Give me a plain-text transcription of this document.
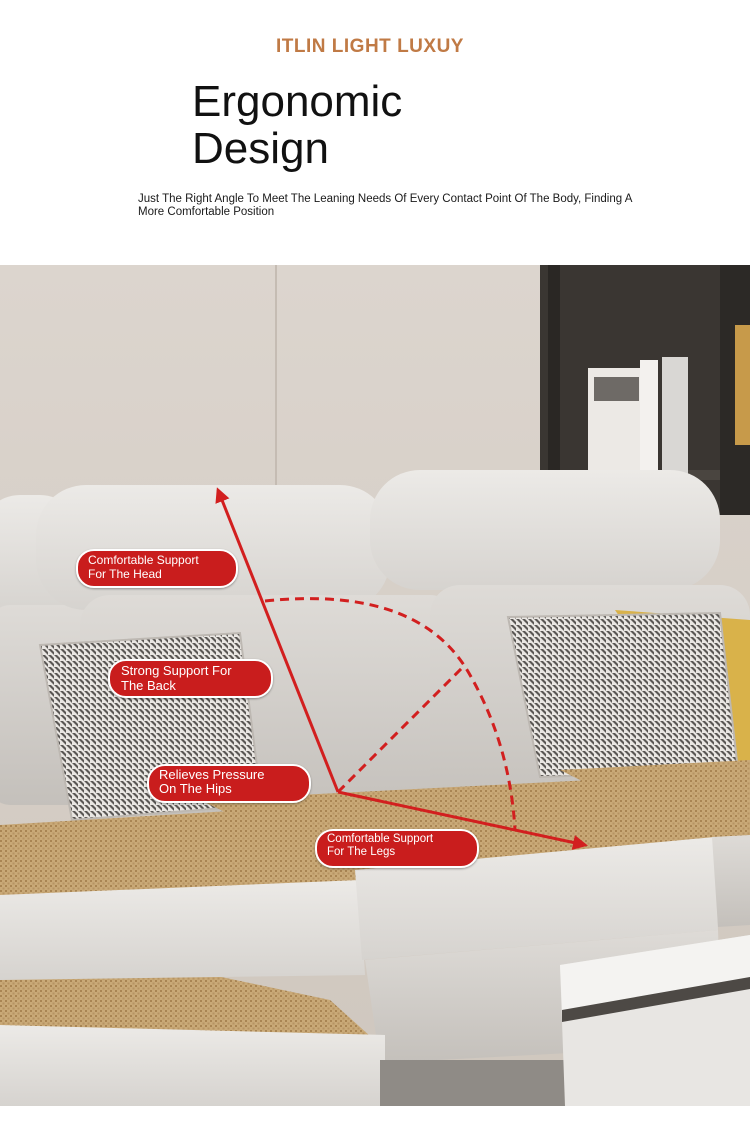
ITLIN LIGHT LUXUY
Ergonomic
Design

Just The Right Angle To Meet The Leaning Needs Of Every Contact Point Of The Body, Finding A More Comfortable Position

Comfortable Support
For The Head
Strong Support For
The Back
Relieves Pressure
On The Hips
Comfortable Support
For The Legs
